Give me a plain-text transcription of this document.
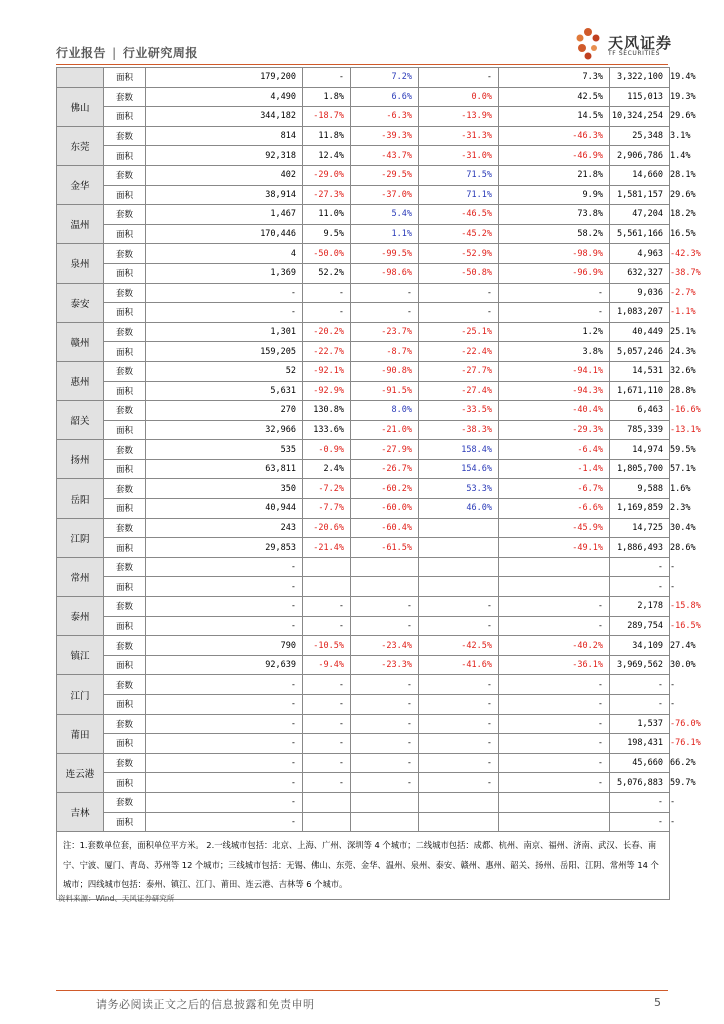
行业报告 | 行业研究周报
天风证券
TF SECURITIES
	面积	179,200	-	7.2%	-	7.3%	3,322,100	19.4%
佛山	套数	4,490	1.8%	6.6%	0.0%	42.5%	115,013	19.3%
	面积	344,182	-18.7%	-6.3%	-13.9%	14.5%	10,324,254	29.6%
东莞	套数	814	11.8%	-39.3%	-31.3%	-46.3%	25,348	3.1%
	面积	92,318	12.4%	-43.7%	-31.0%	-46.9%	2,906,786	1.4%
金华	套数	402	-29.0%	-29.5%	71.5%	21.8%	14,660	28.1%
	面积	38,914	-27.3%	-37.0%	71.1%	9.9%	1,581,157	29.6%
温州	套数	1,467	11.0%	5.4%	-46.5%	73.8%	47,204	18.2%
	面积	170,446	9.5%	1.1%	-45.2%	58.2%	5,561,166	16.5%
泉州	套数	4	-50.0%	-99.5%	-52.9%	-98.9%	4,963	-42.3%
	面积	1,369	52.2%	-98.6%	-50.8%	-96.9%	632,327	-38.7%
泰安	套数	-	-	-	-	-	9,036	-2.7%
	面积	-	-	-	-	-	1,083,207	-1.1%
赣州	套数	1,301	-20.2%	-23.7%	-25.1%	1.2%	40,449	25.1%
	面积	159,205	-22.7%	-8.7%	-22.4%	3.8%	5,057,246	24.3%
惠州	套数	52	-92.1%	-90.8%	-27.7%	-94.1%	14,531	32.6%
	面积	5,631	-92.9%	-91.5%	-27.4%	-94.3%	1,671,110	28.8%
韶关	套数	270	130.8%	8.0%	-33.5%	-40.4%	6,463	-16.6%
	面积	32,966	133.6%	-21.0%	-38.3%	-29.3%	785,339	-13.1%
扬州	套数	535	-0.9%	-27.9%	158.4%	-6.4%	14,974	59.5%
	面积	63,811	2.4%	-26.7%	154.6%	-1.4%	1,805,700	57.1%
岳阳	套数	350	-7.2%	-60.2%	53.3%	-6.7%	9,588	1.6%
	面积	40,944	-7.7%	-60.0%	46.0%	-6.6%	1,169,859	2.3%
江阴	套数	243	-20.6%	-60.4%		-45.9%	14,725	30.4%
	面积	29,853	-21.4%	-61.5%		-49.1%	1,886,493	28.6%
常州	套数	-					-	-
	面积	-					-	-
泰州	套数	-	-	-	-	-	2,178	-15.8%
	面积	-	-	-	-	-	289,754	-16.5%
镇江	套数	790	-10.5%	-23.4%	-42.5%	-40.2%	34,109	27.4%
	面积	92,639	-9.4%	-23.3%	-41.6%	-36.1%	3,969,562	30.0%
江门	套数	-	-	-	-	-	-	-
	面积	-	-	-	-	-	-	-
莆田	套数	-	-	-	-	-	1,537	-76.0%
	面积	-	-	-	-	-	198,431	-76.1%
连云港	套数	-	-	-	-	-	45,660	66.2%
	面积	-	-	-	-	-	5,076,883	59.7%
吉林	套数	-					-	-
	面积	-					-	-
注：1.套数单位套，面积单位平方米。 2.一线城市包括：北京、上海、广州、深圳等 4 个城市；二线城市包括：成都、杭州、南京、福州、济南、武汉、长春、南宁、宁波、厦门、青岛、苏州等 12 个城市；三线城市包括：无锡、佛山、东莞、金华、温州、泉州、泰安、赣州、惠州、韶关、扬州、岳阳、江阴、常州等 14 个城市；四线城市包括：泰州、镇江、江门、莆田、连云港、吉林等 6 个城市。								
资料来源：Wind、天风证券研究所
请务必阅读正文之后的信息披露和免责申明	5
